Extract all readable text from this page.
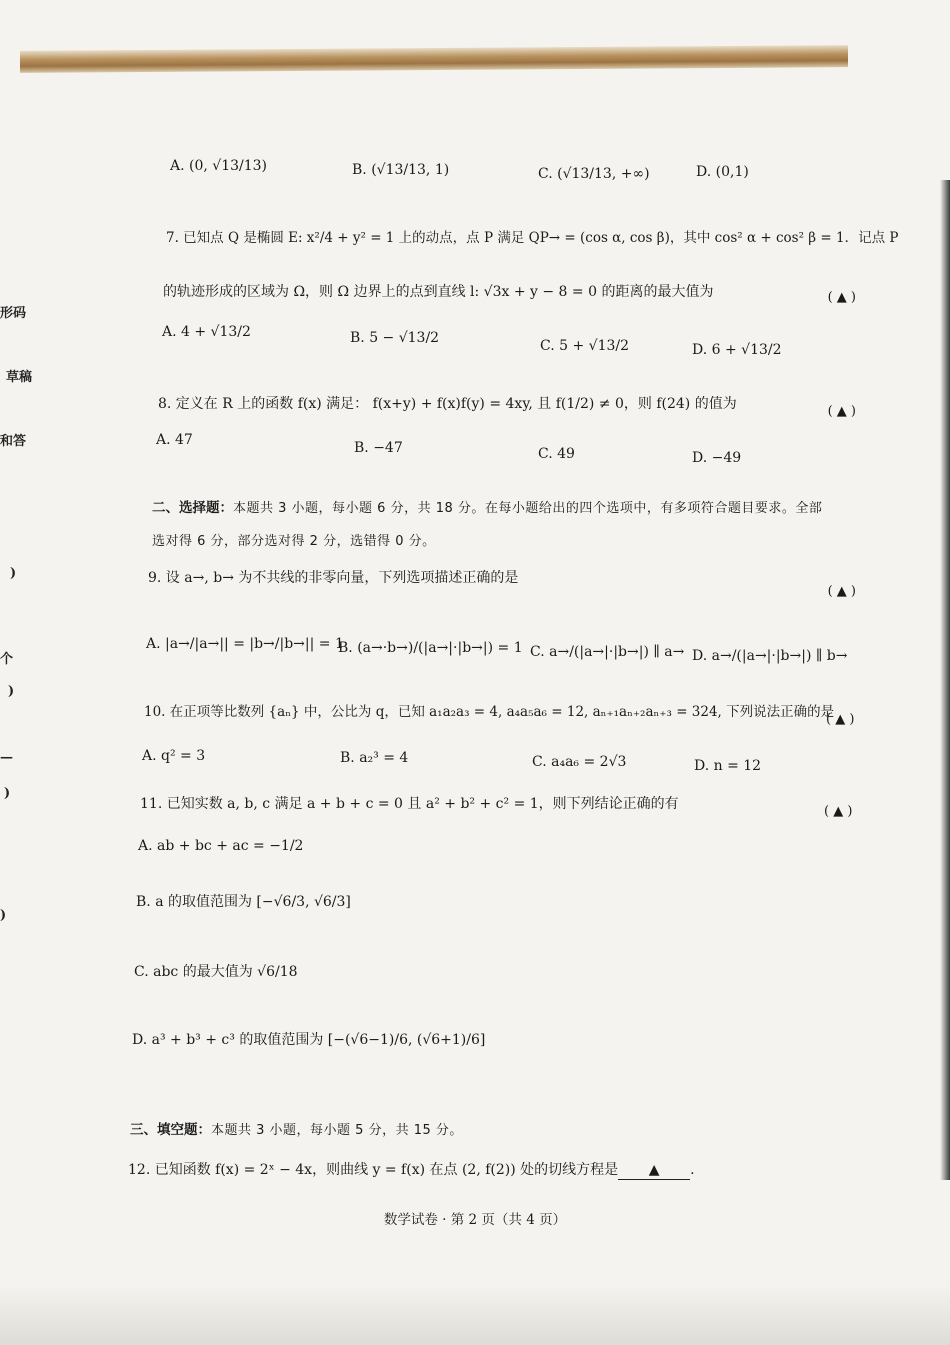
形码
草稿
和答
)
个
)
—
)
)
A. (0, √13/13)	B. (√13/13, 1)	C. (√13/13, +∞)	D. (0,1)
7. 已知点 Q 是椭圆 E: x²/4 + y² = 1 上的动点，点 P 满足 QP→ = (cos α, cos β)，其中 cos² α + cos² β = 1．记点 P
的轨迹形成的区域为 Ω，则 Ω 边界上的点到直线 l: √3x + y − 8 = 0 的距离的最大值为	( ▲ )
A. 4 + √13/2	B. 5 − √13/2	C. 5 + √13/2	D. 6 + √13/2
8. 定义在 R 上的函数 f(x) 满足： f(x+y) + f(x)f(y) = 4xy, 且 f(1/2) ≠ 0，则 f(24) 的值为	( ▲ )
A. 47	B. −47	C. 49	D. −49
二、选择题：本题共 3 小题，每小题 6 分，共 18 分。在每小题给出的四个选项中，有多项符合题目要求。全部
选对得 6 分，部分选对得 2 分，选错得 0 分。
9. 设 a→, b→ 为不共线的非零向量，下列选项描述正确的是
( ▲ )
A. |a→/|a→|| = |b→/|b→|| = 1
B. (a→·b→)/(|a→|·|b→|) = 1 C. a→/(|a→|·|b→|) ∥ a→ D. a→/(|a→|·|b→|) ∥ b→
10. 在正项等比数列 {aₙ} 中，公比为 q，已知 a₁a₂a₃ = 4, a₄a₅a₆ = 12, aₙ₊₁aₙ₊₂aₙ₊₃ = 324, 下列说法正确的是
( ▲ )
A. q² = 3	B. a₂³ = 4	C. a₄a₆ = 2√3	D. n = 12
11. 已知实数 a, b, c 满足 a + b + c = 0 且 a² + b² + c² = 1，则下列结论正确的有	( ▲ )
A. ab + bc + ac = −1/2
B. a 的取值范围为 [−√6/3, √6/3]
C. abc 的最大值为 √6/18
D. a³ + b³ + c³ 的取值范围为 [−(√6−1)/6, (√6+1)/6]
三、填空题：本题共 3 小题，每小题 5 分，共 15 分。
12. 已知函数 f(x) = 2ˣ − 4x，则曲线 y = f(x) 在点 (2, f(2)) 处的切线方程是 ▲ .
数学试卷 · 第 2 页（共 4 页）
